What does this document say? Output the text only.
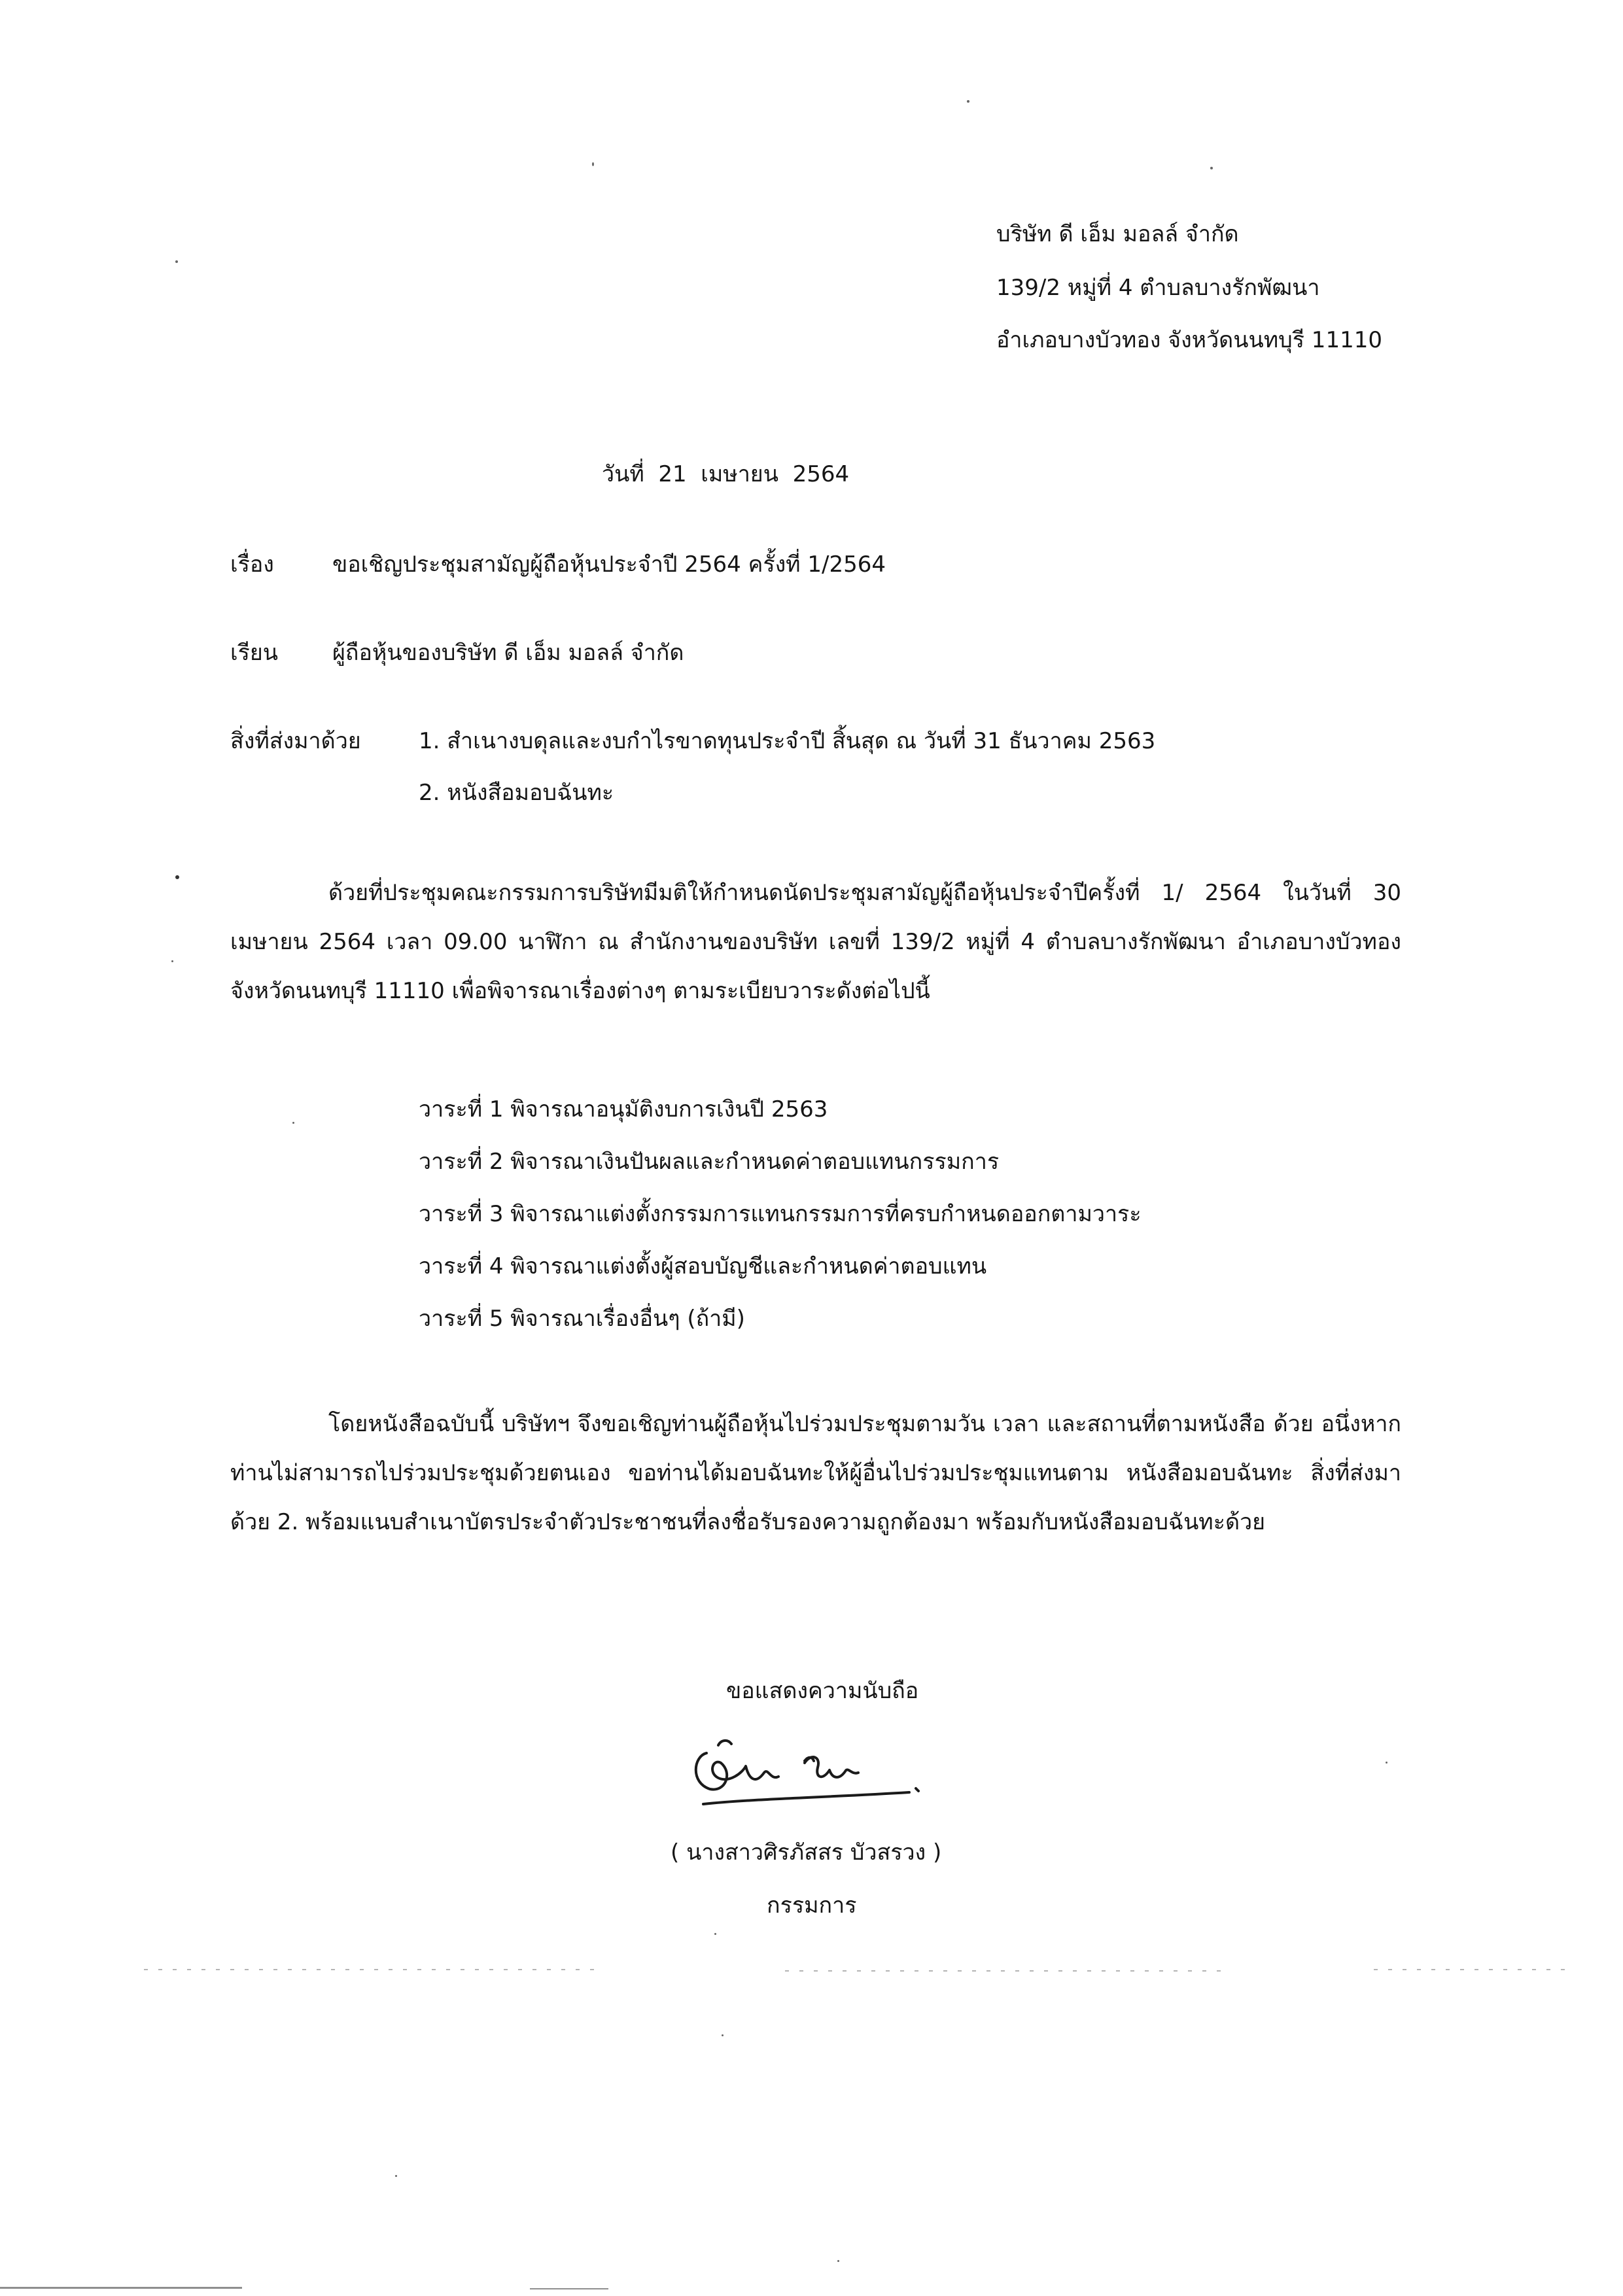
บริษัท ดี เอ็ม มอลล์ จำกัด
139/2 หมู่ที่ 4 ตำบลบางรักพัฒนา
อำเภอบางบัวทอง จังหวัดนนทบุรี 11110
วันที่ 21 เมษายน 2564
เรื่อง	ขอเชิญประชุมสามัญผู้ถือหุ้นประจำปี 2564 ครั้งที่ 1/2564
เรียน ผู้ถือหุ้นของบริษัท ดี เอ็ม มอลล์ จำกัด
สิ่งที่ส่งมาด้วย	1. สำเนางบดุลและงบกำไรขาดทุนประจำปี สิ้นสุด ณ วันที่ 31 ธันวาคม 2563
2. หนังสือมอบฉันทะ
ด้วยที่ประชุมคณะกรรมการบริษัทมีมติให้กำหนดนัดประชุมสามัญผู้ถือหุ้นประจำปีครั้งที่ 1/ 2564 ในวันที่ 30 เมษายน 2564 เวลา 09.00 นาฬิกา ณ สำนักงานของบริษัท เลขที่ 139/2 หมู่ที่ 4 ตำบลบางรักพัฒนา อำเภอบางบัวทอง จังหวัดนนทบุรี 11110 เพื่อพิจารณาเรื่องต่างๆ ตามระเบียบวาระดังต่อไปนี้
วาระที่ 1 พิจารณาอนุมัติงบการเงินปี 2563
วาระที่ 2 พิจารณาเงินปันผลและกำหนดค่าตอบแทนกรรมการ
วาระที่ 3 พิจารณาแต่งตั้งกรรมการแทนกรรมการที่ครบกำหนดออกตามวาระ
วาระที่ 4 พิจารณาแต่งตั้งผู้สอบบัญชีและกำหนดค่าตอบแทน
วาระที่ 5 พิจารณาเรื่องอื่นๆ (ถ้ามี)
โดยหนังสือฉบับนี้ บริษัทฯ จึงขอเชิญท่านผู้ถือหุ้นไปร่วมประชุมตามวัน เวลา และสถานที่ตามหนังสือ ด้วย อนึ่งหากท่านไม่สามารถไปร่วมประชุมด้วยตนเอง ขอท่านได้มอบฉันทะให้ผู้อื่นไปร่วมประชุมแทนตาม หนังสือมอบฉันทะ สิ่งที่ส่งมาด้วย 2. พร้อมแนบสำเนาบัตรประจำตัวประชาชนที่ลงชื่อรับรองความถูกต้องมา พร้อมกับหนังสือมอบฉันทะด้วย
ขอแสดงความนับถือ
( นางสาวศิรภัสสร บัวสรวง )
กรรมการ
